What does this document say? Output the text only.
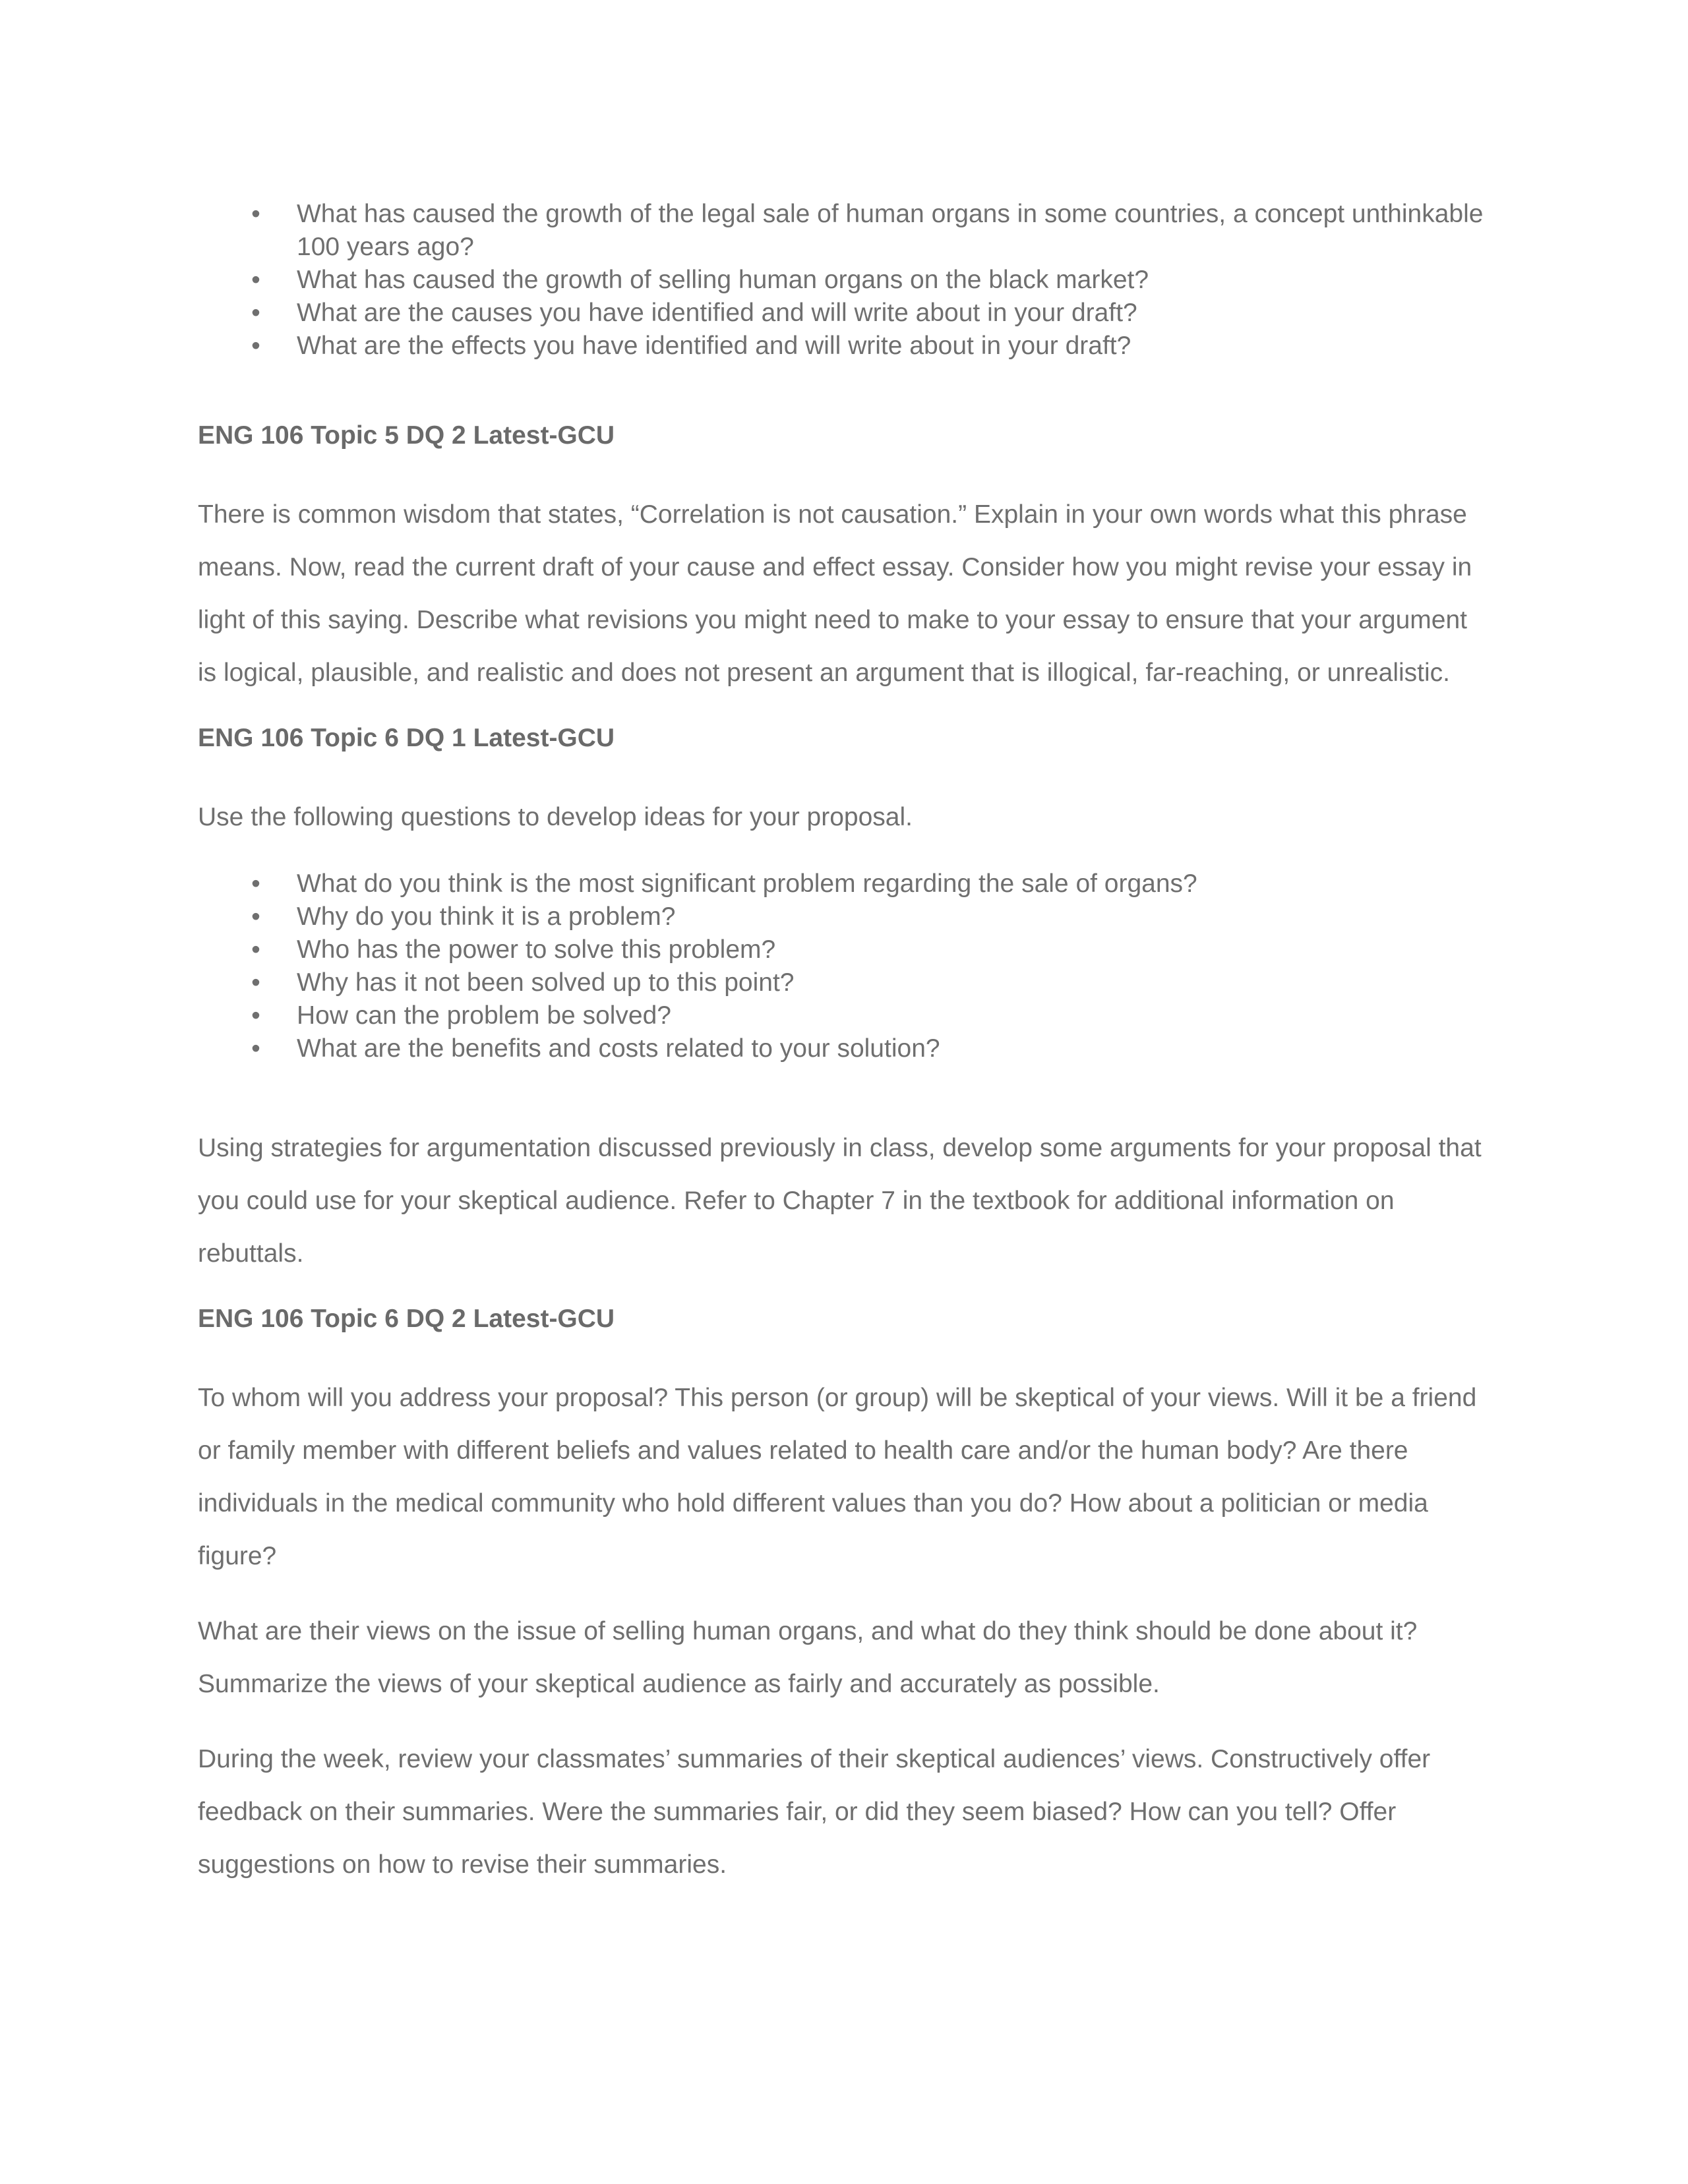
• What has caused the growth of the legal sale of human organs in some countries, a concept unthinkable 100 years ago?
• What has caused the growth of selling human organs on the black market?
• What are the causes you have identified and will write about in your draft?
• What are the effects you have identified and will write about in your draft?

ENG 106 Topic 5 DQ 2 Latest-GCU

There is common wisdom that states, “Correlation is not causation.” Explain in your own words what this phrase means. Now, read the current draft of your cause and effect essay. Consider how you might revise your essay in light of this saying. Describe what revisions you might need to make to your essay to ensure that your argument is logical, plausible, and realistic and does not present an argument that is illogical, far-reaching, or unrealistic.

ENG 106 Topic 6 DQ 1 Latest-GCU

Use the following questions to develop ideas for your proposal.

• What do you think is the most significant problem regarding the sale of organs?
• Why do you think it is a problem?
• Who has the power to solve this problem?
• Why has it not been solved up to this point?
• How can the problem be solved?
• What are the benefits and costs related to your solution?

Using strategies for argumentation discussed previously in class, develop some arguments for your proposal that you could use for your skeptical audience. Refer to Chapter 7 in the textbook for additional information on rebuttals.

ENG 106 Topic 6 DQ 2 Latest-GCU

To whom will you address your proposal? This person (or group) will be skeptical of your views. Will it be a friend or family member with different beliefs and values related to health care and/or the human body? Are there individuals in the medical community who hold different values than you do? How about a politician or media figure?

What are their views on the issue of selling human organs, and what do they think should be done about it? Summarize the views of your skeptical audience as fairly and accurately as possible.

During the week, review your classmates’ summaries of their skeptical audiences’ views. Constructively offer feedback on their summaries. Were the summaries fair, or did they seem biased? How can you tell? Offer suggestions on how to revise their summaries.
